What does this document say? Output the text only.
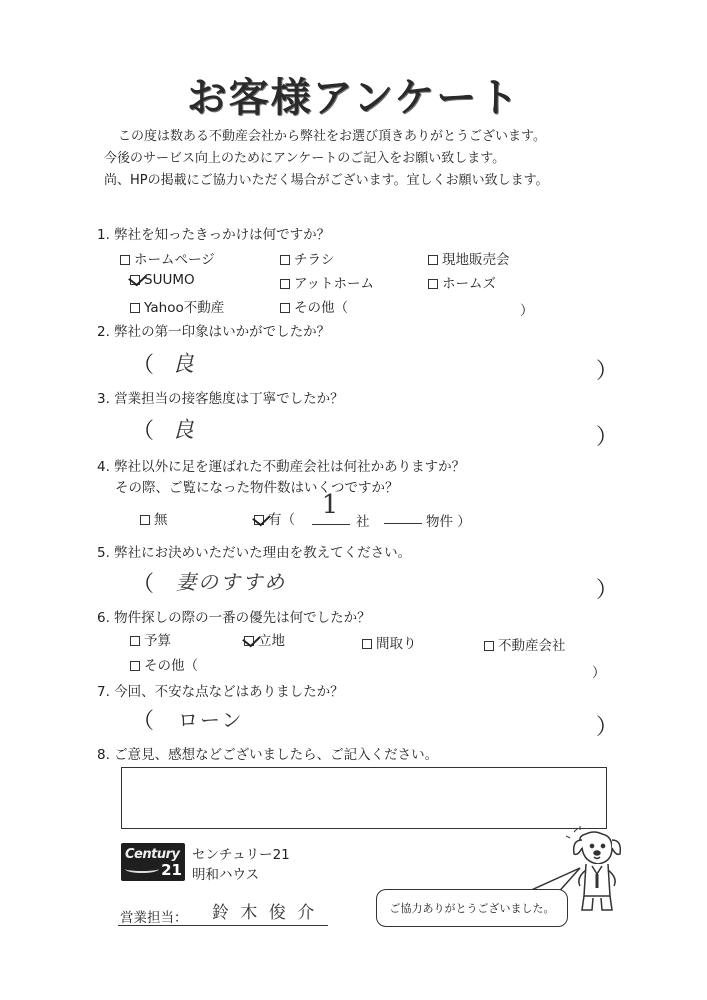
お客様アンケート
この度は数ある不動産会社から弊社をお選び頂きありがとうございます。
今後のサービス向上のためにアンケートのご記入をお願い致します。
尚、HPの掲載にご協力いただく場合がございます。宜しくお願い致します。
1. 弊社を知ったきっかけは何ですか？
ホームページ	チラシ	現地販売会
SUUMO	アットホーム	ホームズ
Yahoo不動産	その他（	）
2. 弊社の第一印象はいかがでしたか？
（ 良	）
3. 営業担当の接客態度は丁寧でしたか？
（ 良	）
4. 弊社以外に足を運ばれた不動産会社は何社かありますか？
その際、ご覧になった物件数はいくつですか？
無	有（	1
社	物件 ）
5. 弊社にお決めいただいた理由を教えてください。
（ 妻のすすめ	）
6. 物件探しの際の一番の優先は何でしたか？
予算	立地	間取り	不動産会社
その他（	）
7. 今回、不安な点などはありましたか？
（ ローン	）
8. ご意見、感想などございましたら、ご記入ください。
Century
21
センチュリー21
明和ハウス
営業担当： 鈴 木 俊 介	ご協力ありがとうございました。
